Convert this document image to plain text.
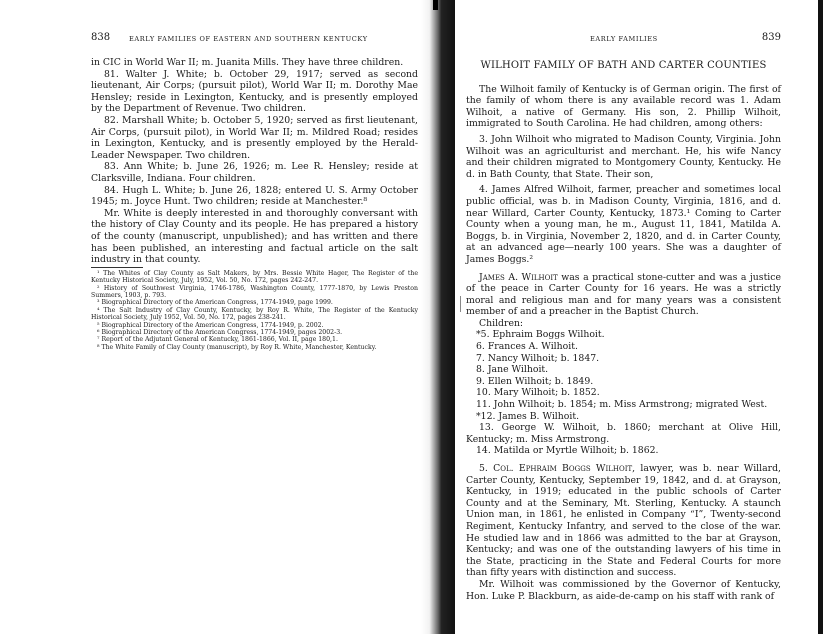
838	EARLY FAMILIES OF EASTERN AND SOUTHERN KENTUCKY

in CIC in World War II; m. Juanita Mills. They have three children.

81. Walter J. White; b. October 29, 1917; served as second lieutenant, Air Corps; (pursuit pilot), World War II; m. Dorothy Mae Hensley; reside in Lexington, Kentucky, and is presently employed by the Department of Revenue. Two children.

82. Marshall White; b. October 5, 1920; served as first lieutenant, Air Corps, (pursuit pilot), in World War II; m. Mildred Road; resides in Lexington, Kentucky, and is presently employed by the Herald-Leader Newspaper. Two children.

83. Ann White; b. June 26, 1926; m. Lee R. Hensley; reside at Clarksville, Indiana. Four children.

84. Hugh L. White; b. June 26, 1828; entered U. S. Army October 1945; m. Joyce Hunt. Two children; reside at Manchester.⁸

Mr. White is deeply interested in and thoroughly conversant with the history of Clay County and its people. He has prepared a history of the county (manuscript, unpublished); and has written and there has been published, an interesting and factual article on the salt industry in that county.

¹ The Whites of Clay County as Salt Makers, by Mrs. Bessie White Hager, The Register of the Kentucky Historical Society, July, 1952, Vol. 50, No. 172, pages 242-247.

² History of Southwest Virginia, 1746-1786, Washington County, 1777-1870, by Lewis Preston Summers, 1903, p. 793.

³ Biographical Directory of the American Congress, 1774-1949, page 1999.

⁴ The Salt Industry of Clay County, Kentucky, by Roy R. White, The Register of the Kentucky Historical Society, July 1952, Vol. 50, No. 172, pages 238-241.

⁵ Biographical Directory of the American Congress, 1774-1949, p. 2002.

⁶ Biographical Directory of the American Congress, 1774-1949, pages 2002-3.

⁷ Report of the Adjutant General of Kentucky, 1861-1866, Vol. II, page 180,1.

⁸ The White Family of Clay County (manuscript), by Roy R. White, Manchester, Kentucky.

EARLY FAMILIES	839

WILHOIT FAMILY OF BATH AND CARTER COUNTIES

The Wilhoit family of Kentucky is of German origin. The first of the family of whom there is any available record was 1. Adam Wilhoit, a native of Germany. His son, 2. Phillip Wilhoit, immigrated to South Carolina. He had children, among others:

3. John Wilhoit who migrated to Madison County, Virginia. John Wilhoit was an agriculturist and merchant. He, his wife Nancy and their children migrated to Montgomery County, Kentucky. He d. in Bath County, that State. Their son,

4. James Alfred Wilhoit, farmer, preacher and sometimes local public official, was b. in Madison County, Virginia, 1816, and d. near Willard, Carter County, Kentucky, 1873.¹ Coming to Carter County when a young man, he m., August 11, 1841, Matilda A. Boggs, b. in Virginia, November 2, 1820, and d. in Carter County, at an advanced age—nearly 100 years. She was a daughter of James Boggs.²

James A. Wilhoit was a practical stone-cutter and was a justice of the peace in Carter County for 16 years. He was a strictly moral and religious man and for many years was a consistent member of and a preacher in the Baptist Church.

Children:

*5. Ephraim Boggs Wilhoit.

6. Frances A. Wilhoit.

7. Nancy Wilhoit; b. 1847.

8. Jane Wilhoit.

9. Ellen Wilhoit; b. 1849.

10. Mary Wilhoit; b. 1852.

11. John Wilhoit; b. 1854; m. Miss Armstrong; migrated West.

*12. James B. Wilhoit.

13. George W. Wilhoit, b. 1860; merchant at Olive Hill, Kentucky; m. Miss Armstrong.

14. Matilda or Myrtle Wilhoit; b. 1862.

5. Col. Ephraim Boggs Wilhoit, lawyer, was b. near Willard, Carter County, Kentucky, September 19, 1842, and d. at Grayson, Kentucky, in 1919; educated in the public schools of Carter County and at the Seminary, Mt. Sterling, Kentucky. A staunch Union man, in 1861, he enlisted in Company “I”, Twenty-second Regiment, Kentucky Infantry, and served to the close of the war. He studied law and in 1866 was admitted to the bar at Grayson, Kentucky; and was one of the outstanding lawyers of his time in the State, practicing in the State and Federal Courts for more than fifty years with distinction and success.

Mr. Wilhoit was commissioned by the Governor of Kentucky, Hon. Luke P. Blackburn, as aide-de-camp on his staff with rank of
